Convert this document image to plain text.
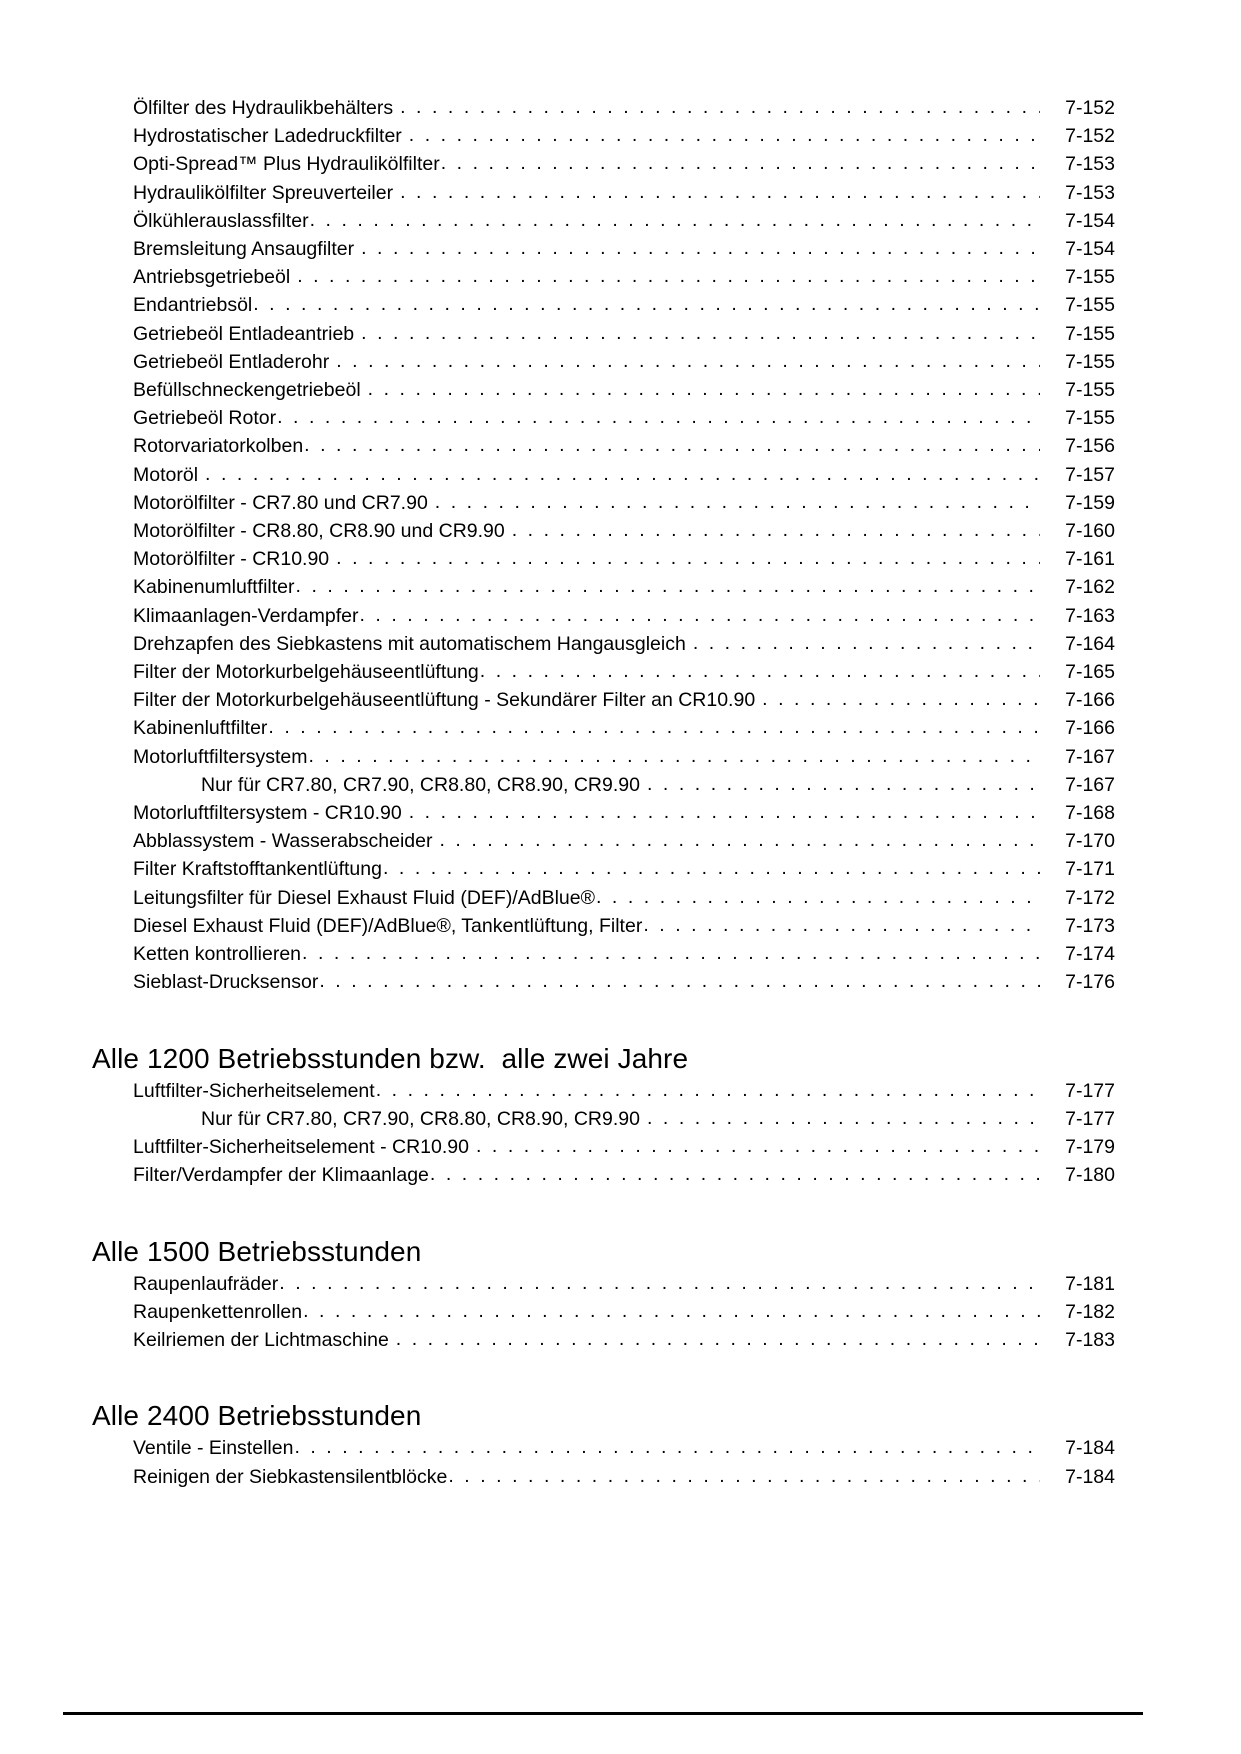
Ölfilter des Hydraulikbehälters . . .	7-152
Hydrostatischer Ladedruckfilter . . .	7-152
Opti-Spread™ Plus Hydraulikölfilter . . .	7-153
Hydraulikölfilter Spreuverteiler . . .	7-153
Ölkühlerauslassfilter . . .	7-154
Bremsleitung Ansaugfilter . . .	7-154
Antriebsgetriebeöl . . .	7-155
Endantriebsöl . . .	7-155
Getriebeöl Entladeantrieb . . .	7-155
Getriebeöl Entladerohr . . .	7-155
Befüllschneckengetriebeöl . . .	7-155
Getriebeöl Rotor . . .	7-155
Rotorvariatorkolben . . .	7-156
Motoröl . . .	7-157
Motorölfilter - CR7.80 und CR7.90 . . .	7-159
Motorölfilter - CR8.80, CR8.90 und CR9.90 . . .	7-160
Motorölfilter - CR10.90 . . .	7-161
Kabinenumluftfilter . . .	7-162
Klimaanlagen-Verdampfer . . .	7-163
Drehzapfen des Siebkastens mit automatischem Hangausgleich . . .	7-164
Filter der Motorkurbelgehäuseentlüftung . . .	7-165
Filter der Motorkurbelgehäuseentlüftung - Sekundärer Filter an CR10.90 . . .	7-166
Kabinenluftfilter . . .	7-166
Motorluftfiltersystem . . .	7-167
Nur für CR7.80, CR7.90, CR8.80, CR8.90, CR9.90 . . .	7-167
Motorluftfiltersystem - CR10.90 . . .	7-168
Abblassystem - Wasserabscheider . . .	7-170
Filter Kraftstofftankentlüftung . . .	7-171
Leitungsfilter für Diesel Exhaust Fluid (DEF)/AdBlue® . . .	7-172
Diesel Exhaust Fluid (DEF)/AdBlue®, Tankentlüftung, Filter . . .	7-173
Ketten kontrollieren . . .	7-174
Sieblast-Drucksensor . . .	7-176
Alle 1200 Betriebsstunden bzw.  alle zwei Jahre
Luftfilter-Sicherheitselement . . .	7-177
Nur für CR7.80, CR7.90, CR8.80, CR8.90, CR9.90 . . .	7-177
Luftfilter-Sicherheitselement - CR10.90 . . .	7-179
Filter/Verdampfer der Klimaanlage . . .	7-180
Alle 1500 Betriebsstunden
Raupenlaufräder . . .	7-181
Raupenkettenrollen . . .	7-182
Keilriemen der Lichtmaschine . . .	7-183
Alle 2400 Betriebsstunden
Ventile - Einstellen . . .	7-184
Reinigen der Siebkastensilentblöcke . . .	7-184
